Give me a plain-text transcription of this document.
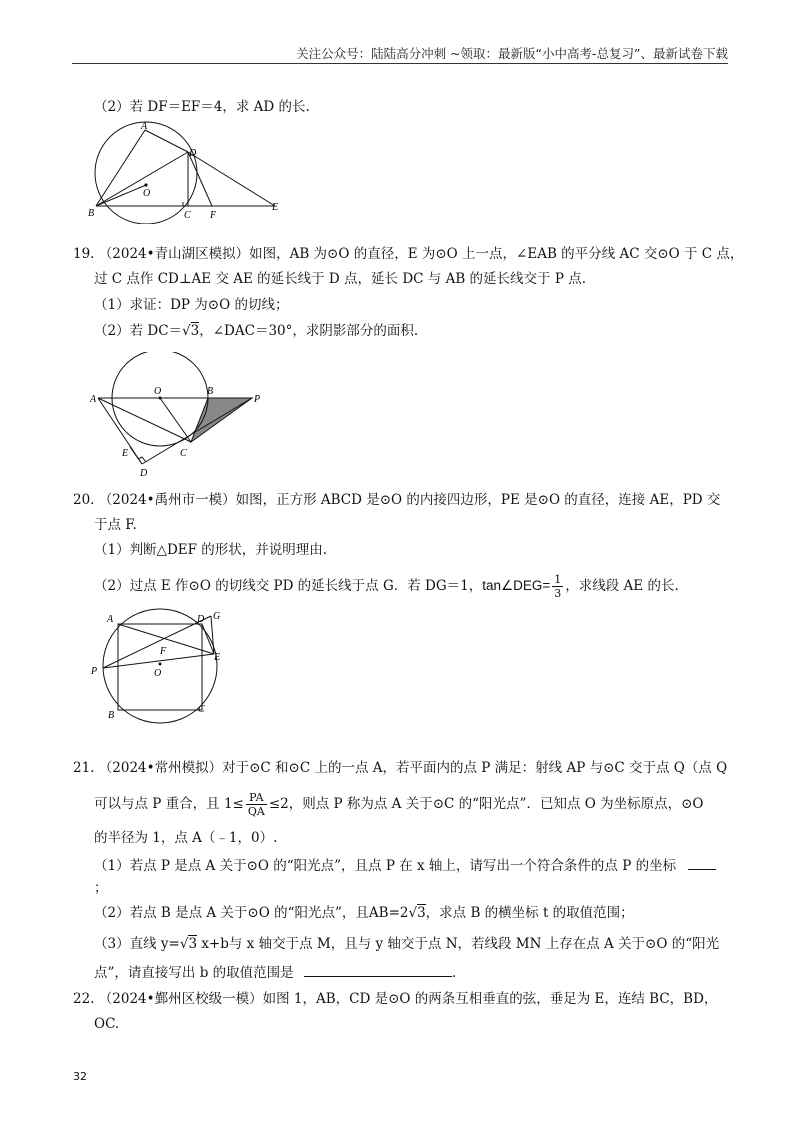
关注公众号：陆陆高分冲刺 ~领取：最新版“小中高考-总复习”、最新试卷下载
（2）若 DF＝EF＝4，求 AD 的长.
A
B	C
D
E
F
O
19. （2024•青山湖区模拟）如图，AB 为⊙O 的直径，E 为⊙O 上一点，∠EAB 的平分线 AC 交⊙O 于 C 点，
过 C 点作 CD⊥AE 交 AE 的延长线于 D 点，延长 DC 与 AB 的延长线交于 P 点.
（1）求证：DP 为⊙O 的切线；
（2）若 DC＝√3，∠DAC＝30°，求阴影部分的面积.
A
O	B
P
E	C
D
20. （2024•禹州市一模）如图，正方形 ABCD 是⊙O 的内接四边形，PE 是⊙O 的直径，连接 AE，PD 交
于点 F.
（1）判断△DEF 的形状，并说明理由.
（2）过点 E 作⊙O 的切线交 PD 的延长线于点 G．若 DG＝1，tan∠DEG= $\frac{1}{3}$ ，求线段 AE 的长.
A	D G
P
F
O
E
B
C
21. （2024•常州模拟）对于⊙C 和⊙C 上的一点 A，若平面内的点 P 满足：射线 AP 与⊙C 交于点 Q（点 Q
可以与点 P 重合，且 $1\le \frac{PA}{QA} \le 2$，则点 P 称为点 A 关于⊙C 的“阳光点”．已知点 O 为坐标原点，⊙O
的半径为 1，点 A（﹣1，0）.
（1）若点 P 是点 A 关于⊙O 的“阳光点”，且点 P 在 x 轴上，请写出一个符合条件的点 P 的坐标
；
（2）若点 B 是点 A 关于⊙O 的“阳光点”，且AB=2√3，求点 B 的横坐标 t 的取值范围；
（3）直线 y=√3 x+b与 x 轴交于点 M，且与 y 轴交于点 N，若线段 MN 上存在点 A 关于⊙O 的“阳光
点”，请直接写出 b 的取值范围是	.
22. （2024•鄞州区校级一模）如图 1，AB，CD 是⊙O 的两条互相垂直的弦，垂足为 E，连结 BC，BD，
OC.
32
